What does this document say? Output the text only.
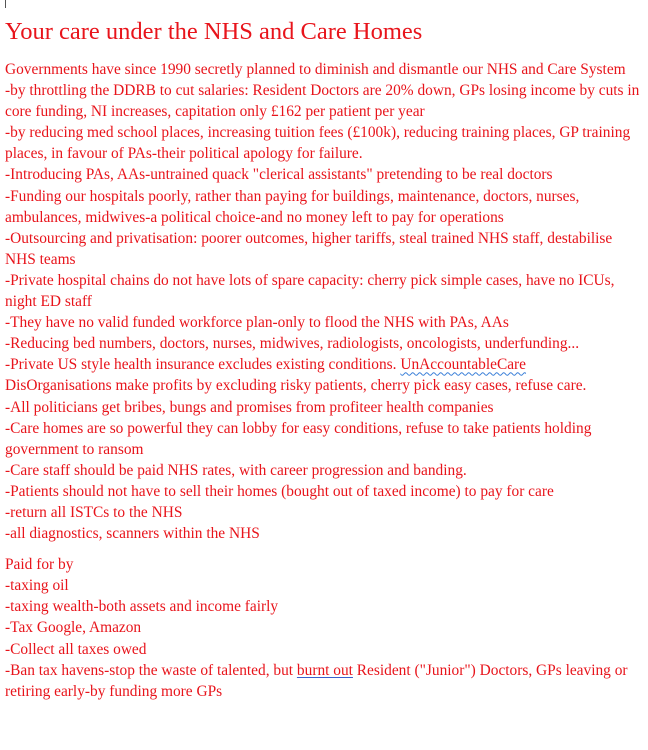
Your care under the NHS and Care Homes

Governments have since 1990 secretly planned to diminish and dismantle our NHS and Care System
-by throttling the DDRB to cut salaries: Resident Doctors are 20% down, GPs losing income by cuts in core funding, NI increases, capitation only £162 per patient per year
-by reducing med school places, increasing tuition fees (£100k), reducing training places, GP training places, in favour of PAs-their political apology for failure.
-Introducing PAs, AAs-untrained quack "clerical assistants" pretending to be real doctors
-Funding our hospitals poorly, rather than paying for buildings, maintenance, doctors, nurses, ambulances, midwives-a political choice-and no money left to pay for operations
-Outsourcing and privatisation: poorer outcomes, higher tariffs, steal trained NHS staff, destabilise NHS teams
-Private hospital chains do not have lots of spare capacity: cherry pick simple cases, have no ICUs, night ED staff
-They have no valid funded workforce plan-only to flood the NHS with PAs, AAs
-Reducing bed numbers, doctors, nurses, midwives, radiologists, oncologists, underfunding...
-Private US style health insurance excludes existing conditions. UnAccountableCare
DisOrganisations make profits by excluding risky patients, cherry pick easy cases, refuse care.
-All politicians get bribes, bungs and promises from profiteer health companies
-Care homes are so powerful they can lobby for easy conditions, refuse to take patients holding government to ransom
-Care staff should be paid NHS rates, with career progression and banding.
-Patients should not have to sell their homes (bought out of taxed income) to pay for care
-return all ISTCs to the NHS
-all diagnostics, scanners within the NHS

Paid for by
-taxing oil
-taxing wealth-both assets and income fairly
-Tax Google, Amazon
-Collect all taxes owed
-Ban tax havens-stop the waste of talented, but burnt out Resident ("Junior") Doctors, GPs leaving or retiring early-by funding more GPs
